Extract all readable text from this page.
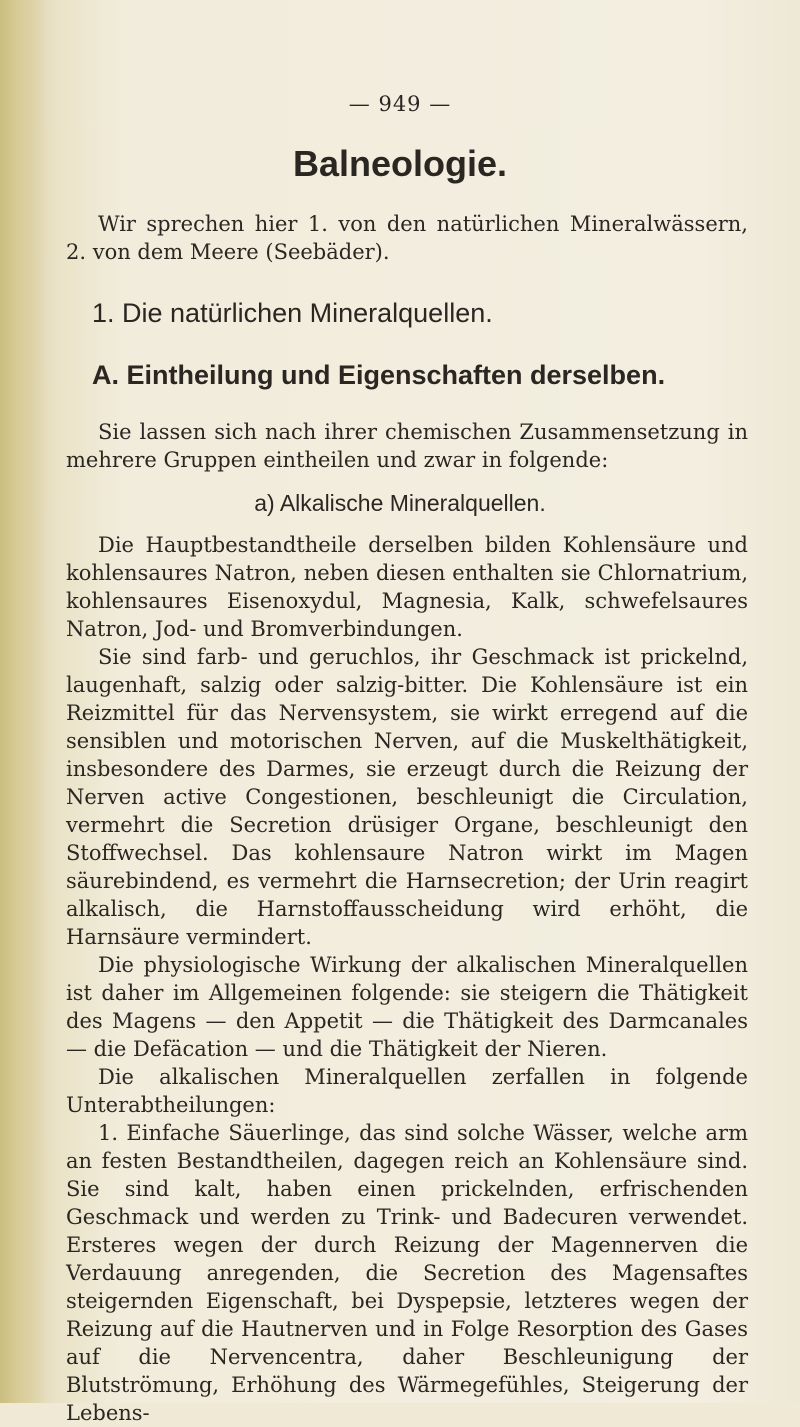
— 949 —
Balneologie.
Wir sprechen hier 1. von den natürlichen Mineralwässern, 2. von dem Meere (Seebäder).
1. Die natürlichen Mineralquellen.
A. Eintheilung und Eigenschaften derselben.
Sie lassen sich nach ihrer chemischen Zusammensetzung in mehrere Gruppen eintheilen und zwar in folgende:
a) Alkalische Mineralquellen.

Die Hauptbestandtheile derselben bilden Kohlensäure und kohlensaures Natron, neben diesen enthalten sie Chlornatrium, kohlensaures Eisenoxydul, Magnesia, Kalk, schwefelsaures Natron, Jod- und Bromverbindungen.

Sie sind farb- und geruchlos, ihr Geschmack ist prickelnd, laugenhaft, salzig oder salzig-bitter. Die Kohlensäure ist ein Reizmittel für das Nervensystem, sie wirkt erregend auf die sensiblen und motorischen Nerven, auf die Muskelthätigkeit, insbesondere des Darmes, sie erzeugt durch die Reizung der Nerven active Congestionen, beschleunigt die Circulation, vermehrt die Secretion drüsiger Organe, beschleunigt den Stoffwechsel. Das kohlensaure Natron wirkt im Magen säurebindend, es vermehrt die Harnsecretion; der Urin reagirt alkalisch, die Harnstoffausscheidung wird erhöht, die Harnsäure vermindert.

Die physiologische Wirkung der alkalischen Mineralquellen ist daher im Allgemeinen folgende: sie steigern die Thätigkeit des Magens — den Appetit — die Thätigkeit des Darmcanales — die Defäcation — und die Thätigkeit der Nieren.

Die alkalischen Mineralquellen zerfallen in folgende Unterabtheilungen:

1. Einfache Säuerlinge, das sind solche Wässer, welche arm an festen Bestandtheilen, dagegen reich an Kohlensäure sind. Sie sind kalt, haben einen prickelnden, erfrischenden Geschmack und werden zu Trink- und Badecuren verwendet. Ersteres wegen der durch Reizung der Magennerven die Verdauung anregenden, die Secretion des Magensaftes steigernden Eigenschaft, bei Dyspepsie, letzteres wegen der Reizung auf die Hautnerven und in Folge Resorption des Gases auf die Nervencentra, daher Beschleunigung der Blutströmung, Erhöhung des Wärmegefühles, Steigerung der Lebens-
